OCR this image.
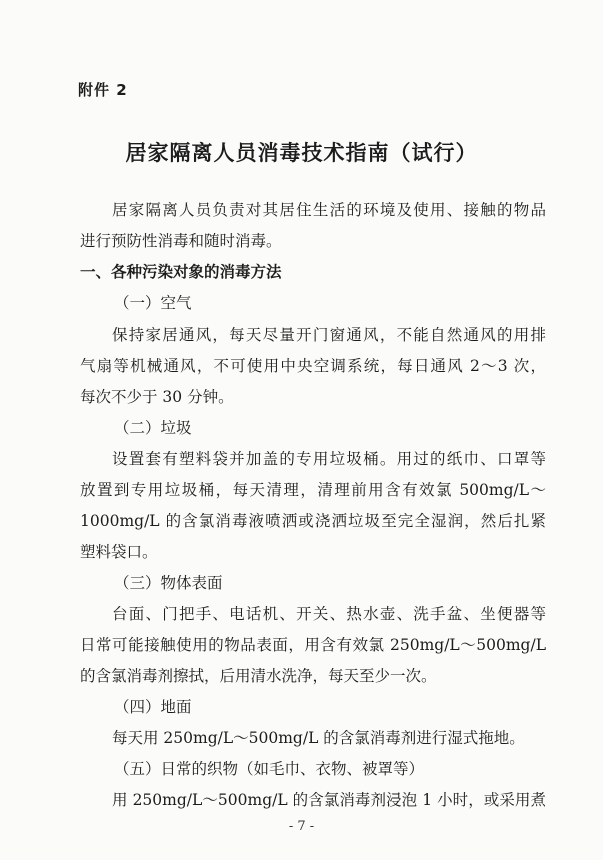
附件 2
居家隔离人员消毒技术指南（试行）
居家隔离人员负责对其居住生活的环境及使用、接触的物品
进行预防性消毒和随时消毒。
一、各种污染对象的消毒方法
（一）空气
保持家居通风，每天尽量开门窗通风，不能自然通风的用排
气扇等机械通风，不可使用中央空调系统，每日通风 2～3 次，
每次不少于 30 分钟。
（二）垃圾
设置套有塑料袋并加盖的专用垃圾桶。用过的纸巾、口罩等
放置到专用垃圾桶，每天清理，清理前用含有效氯 500mg/L～
1000mg/L 的含氯消毒液喷洒或浇洒垃圾至完全湿润，然后扎紧
塑料袋口。
（三）物体表面
台面、门把手、电话机、开关、热水壶、洗手盆、坐便器等
日常可能接触使用的物品表面，用含有效氯 250mg/L～500mg/L
的含氯消毒剂擦拭，后用清水洗净，每天至少一次。
（四）地面
每天用 250mg/L～500mg/L 的含氯消毒剂进行湿式拖地。
（五）日常的织物（如毛巾、衣物、被罩等）
用 250mg/L～500mg/L 的含氯消毒剂浸泡 1 小时，或采用煮
- 7 -
